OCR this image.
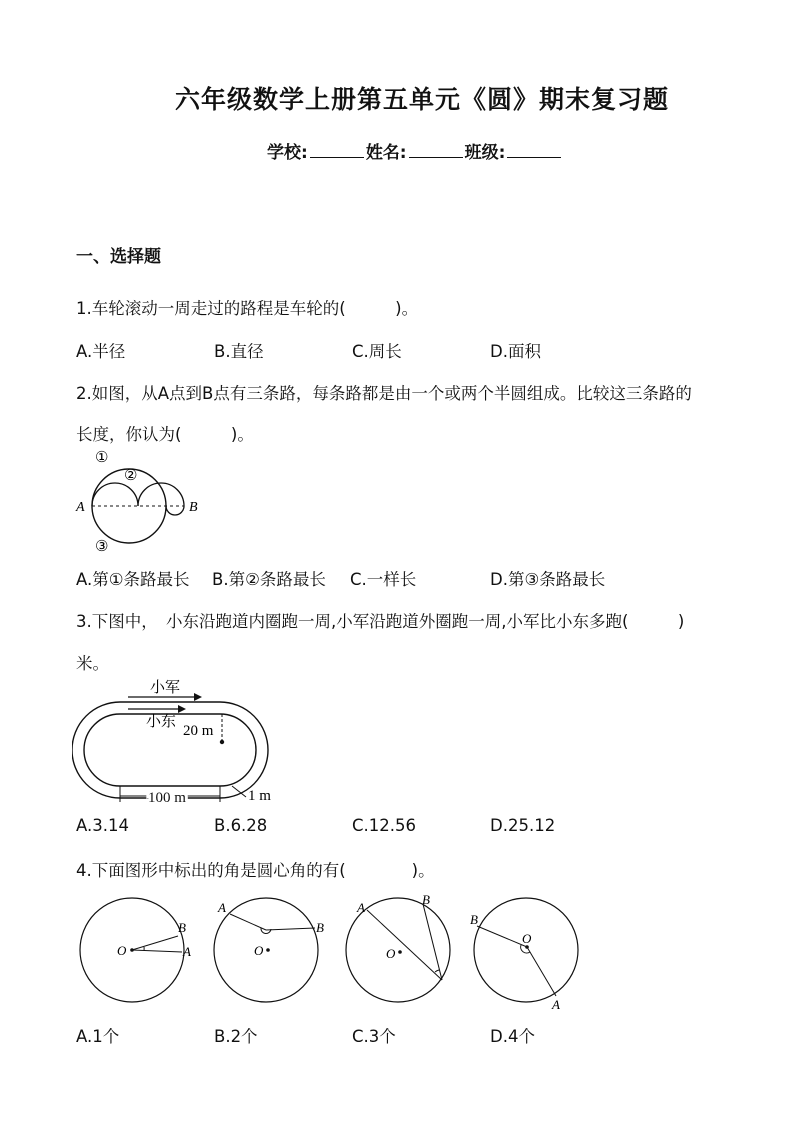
六年级数学上册第五单元《圆》期末复习题
学校:	姓名:	班级:
一、选择题
1.车轮滚动一周走过的路程是车轮的(　　　)。
A.半径	B.直径	C.周长	D.面积
2.如图，从A点到B点有三条路，每条路都是由一个或两个半圆组成。比较这三条路的
长度，你认为(　　　)。
①
②
③
A	B
A.第①条路最长 B.第②条路最长 C.一样长	D.第③条路最长
3.下图中，　小东沿跑道内圈跑一周,小军沿跑道外圈跑一周,小军比小东多跑(　　　)
米。
小军
小东
20 m
100 m	1 m
A.3.14	B.6.28	C.12.56	D.25.12
4.下面图形中标出的角是圆心角的有(　　　　)。
O
B
A	O
A
B
O
A
B
O
B
A
A.1个	B.2个	C.3个	D.4个
